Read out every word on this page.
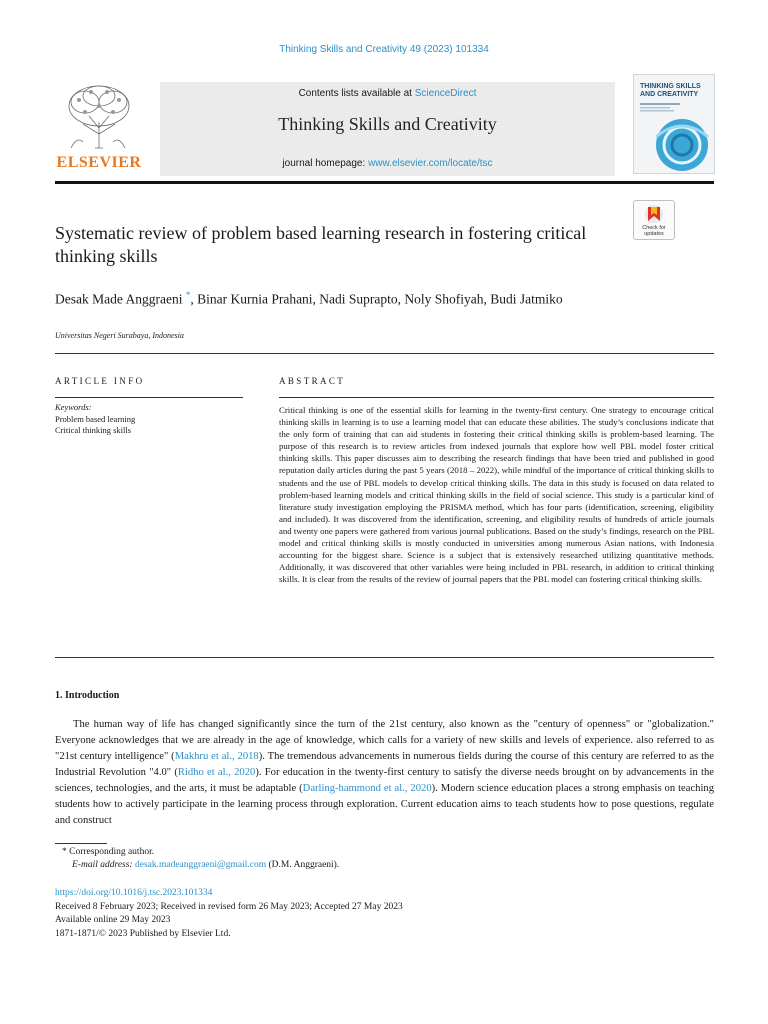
Thinking Skills and Creativity 49 (2023) 101334
ELSEVIER
Contents lists available at ScienceDirect
Thinking Skills and Creativity
journal homepage: www.elsevier.com/locate/tsc
THINKING SKILLS AND CREATIVITY
Check for updates
Systematic review of problem based learning research in fostering critical thinking skills
Desak Made Anggraeni *, Binar Kurnia Prahani, Nadi Suprapto, Noly Shofiyah, Budi Jatmiko
Universitas Negeri Surabaya, Indonesia
ARTICLE INFO	ABSTRACT
Keywords:
Problem based learning
Critical thinking skills

Critical thinking is one of the essential skills for learning in the twenty-first century. One strategy to encourage critical thinking skills in learning is to use a learning model that can educate these abilities. The study’s conclusions indicate that the only form of training that can aid students in fostering their critical thinking skills is problem-based learning. The purpose of this research is to review articles from indexed journals that explore how well PBL model foster critical thinking skills. This paper discusses aim to describing the research findings that have been tried and published in good reputation daily articles during the past 5 years (2018 – 2022), while mindful of the importance of critical thinking skills to students and the use of PBL models to develop critical thinking skills. The data in this study is focused on data related to problem-based learning models and critical thinking skills in the field of social science. This study is a particular kind of literature study investigation employing the PRISMA method, which has four parts (identification, screening, eligibility and included). It was discovered from the identification, screening, and eligibility results of hundreds of article journals and twenty one papers were gathered from various journal publications. Based on the study’s findings, research on the PBL model and critical thinking skills is mostly conducted in universities among numerous Asian nations, with Indonesia accounting for the biggest share. Science is a subject that is extensively researched utilizing quantitative methods. Additionally, it was discovered that other variables were being included in PBL research, in addition to critical thinking skills. It is clear from the results of the review of journal papers that the PBL model can fostering critical thinking skills.

1. Introduction

The human way of life has changed significantly since the turn of the 21st century, also known as the "century of openness" or "globalization." Everyone acknowledges that we are already in the age of knowledge, which calls for a variety of new skills and levels of experience. also referred to as "21st century intelligence" (Makhru et al., 2018). The tremendous advancements in numerous fields during the course of this century are referred to as the Industrial Revolution "4.0" (Ridho et al., 2020). For education in the twenty-first century to satisfy the diverse needs brought on by advancements in the sciences, technologies, and the arts, it must be adaptable (Darling-hammond et al., 2020). Modern science education places a strong emphasis on teaching students how to actively participate in the learning process through exploration. Current education aims to teach students how to pose questions, regulate and construct

* Corresponding author.
E-mail address: desak.madeanggraeni@gmail.com (D.M. Anggraeni).
https://doi.org/10.1016/j.tsc.2023.101334
Received 8 February 2023; Received in revised form 26 May 2023; Accepted 27 May 2023
Available online 29 May 2023
1871-1871/© 2023 Published by Elsevier Ltd.
